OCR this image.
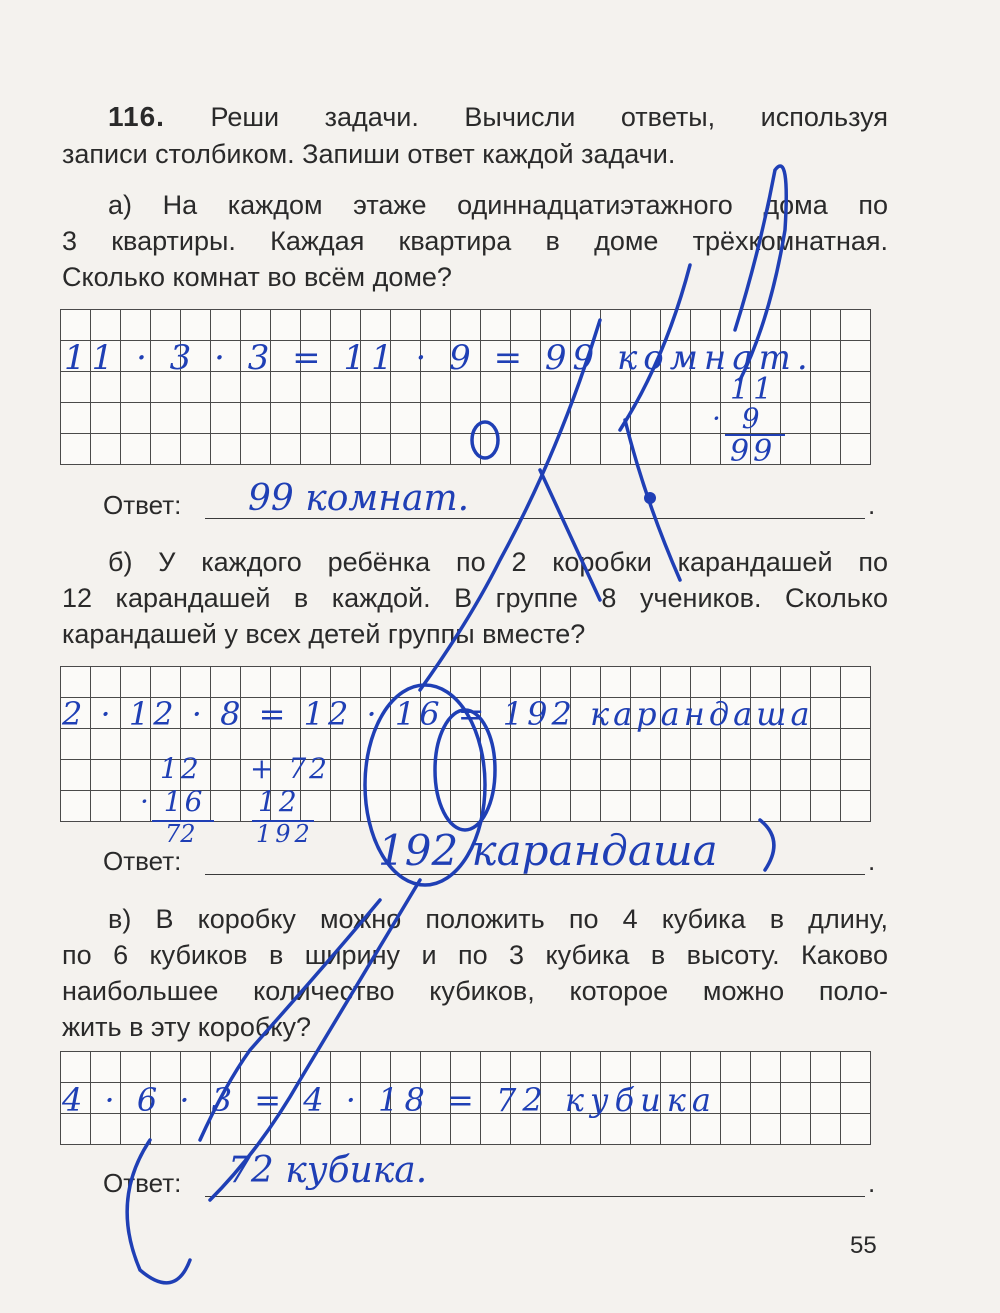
116. Реши задачи. Вычисли ответы, используя
записи столбиком. Запиши ответ каждой задачи.
а) На каждом этаже одиннадцатиэтажного дома по
3 квартиры. Каждая квартира в доме трёхкомнатная.
Сколько комнат во всём доме?
11 · 3 · 3 = 11 · 9 = 99 комнат.
11
· 9
99
Ответ:	.
99 комнат.
б) У каждого ребёнка по 2 коробки карандашей по
12 карандашей в каждой. В группе 8 учеников. Сколько
карандашей у всех детей группы вместе?
2 · 12 · 8 = 12 · 16 = 192 карандаша
12
· 16
72
+ 72
12
192
Ответ:	.
192 карандаша
в) В коробку можно положить по 4 кубика в длину,
по 6 кубиков в ширину и по 3 кубика в высоту. Каково
наибольшее количество кубиков, которое можно поло-
жить в эту коробку?
4 · 6 · 3 = 4 · 18 = 72 кубика
Ответ:	.
72 кубика.
55
